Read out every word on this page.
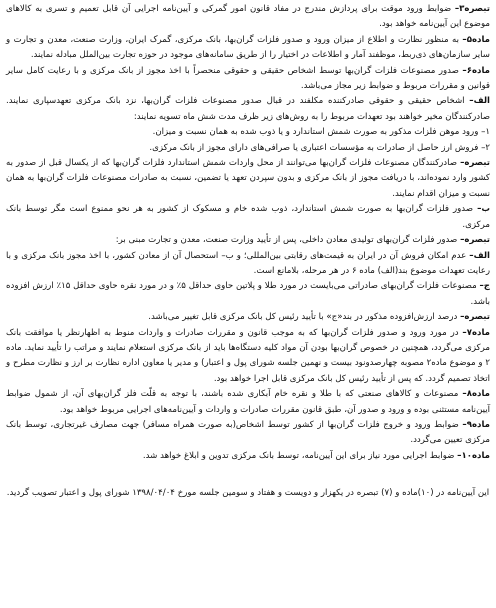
تبصره۳– ضوابط ورود موقت برای پردازش مندرج در مفاد قانون امور گمرکی و آیین‌نامه اجرایی آن قابل تعمیم و تسری به کالاهای موضوع این آیین‌نامه خواهد بود.

ماده۵– به منظور نظارت و اطلاع از میزان ورود و صدور فلزات گران‌بها، بانک مرکزی، گمرک ایران، وزارت صنعت، معدن و تجارت و سایر سازمان‌های ذی‌ربط، موظفند آمار و اطلاعات در اختیار را از طریق سامانه‌های موجود در حوزه تجارت بین‌الملل مبادله نمایند.

ماده۶– صدور مصنوعات فلزات گران‌بها توسط اشخاص حقیقی و حقوقی منحصراً با اخذ مجوز از بانک مرکزی و با رعایت کامل سایر قوانین و مقررات مربوط و ضوابط زیر مجاز می‌باشد.

الف– اشخاص حقیقی و حقوقی صادرکننده مکلفند در قبال صدور مصنوعات فلزات گران‌بها، نزد بانک مرکزی تعهدسپاری نمایند. صادرکنندگان مخیر خواهند بود تعهدات مربوط را به روش‌های زیر ظرف مدت شش ماه تسویه نمایند:

۱– ورود موهن فلزات مذکور به صورت شمش استاندارد و یا ذوب شده به همان نسبت و میزان.

۲– فروش ارز حاصل از صادرات به مؤسسات اعتباری یا صرافی‌های دارای مجوز از بانک مرکزی.

تبصره– صادرکنندگان مصنوعات فلزات گران‌بها می‌توانند از محل واردات شمش استاندارد فلزات گران‌بها که از یکسال قبل از صدور به کشور وارد نموده‌اند، با دریافت مجوز از بانک مرکزی و بدون سپردن تعهد یا تضمین، نسبت به صادرات مصنوعات فلزات گران‌بها به همان نسبت و میزان اقدام نمایند.

ب– صدور فلزات گران‌بها به صورت شمش استاندارد، ذوب شده خام و مسکوک از کشور به هر نحو ممنوع است مگر توسط بانک مرکزی.

تبصره– صدور فلزات گران‌بهای تولیدی معادن داخلی، پس از تأیید وزارت صنعت، معدن و تجارت مبنی بر:

الف– عدم امکان فروش آن در ایران به قیمت‌های رقابتی بین‌المللی؛ و ب– استحصال آن از معادن کشور، با اخذ مجوز بانک مرکزی و با رعایت تعهدات موضوع بند(الف) ماده ۶ در هر مرحله، بلامانع است.

ج– مصنوعات فلزات گران‌بهای صادراتی می‌بایست در مورد طلا و پلاتین حاوی حداقل ۵٪ و در مورد نقره حاوی حداقل ۱۵٪ ارزش افزوده باشد.

تبصره– درصد ارزش‌افزوده مذکور در بند«ج» با تأیید رئیس کل بانک مرکزی قابل تغییر می‌باشد.

ماده۷– در مورد ورود و صدور فلزات گران‌بها که به موجب قانون و مقررات صادرات و واردات منوط به اظهارنظر یا موافقت بانک مرکزی می‌گردد، همچنین در خصوص گران‌بها بودن آن مواد کلیه دستگاه‌ها باید از بانک مرکزی استعلام نمایند و مراتب را تأیید نماید. ماده ۲ و موضوع ماده۲ مصوبه چهارصدونود بیست و نهمین جلسه شورای پول و اعتبار) و مدیر یا معاون اداره نظارت بر ارز و نظارت مطرح و اتخاذ تصمیم گردد. که پس از تأیید رئیس کل بانک مرکزی قابل اجرا خواهد بود.

ماده۸– مصنوعات و کالاهای صنعتی که با طلا و نقره خام آبکاری شده باشند، با توجه به قلّت فلز گران‌بهای آن، از شمول ضوابط آیین‌نامه مستثنی بوده و ورود و صدور آن، طبق قانون مقررات صادرات و واردات و آیین‌نامه‌های اجرایی مربوط خواهد بود.

ماده۹– ضوابط ورود و خروج فلزات گران‌بها از کشور توسط اشخاص(به صورت همراه مسافر) جهت مصارف غیرتجاری، توسط بانک مرکزی تعیین می‌گردد.

ماده۱۰– ضوابط اجرایی مورد نیاز برای این آیین‌نامه، توسط بانک مرکزی تدوین و ابلاغ خواهد شد.

این آیین‌نامه در (۱۰)ماده و (۷) تبصره در یکهزار و دویست و هفتاد و سومین جلسه مورخ ۱۳۹۸/۰۴/۰۴ شورای پول و اعتبار تصویب گردید.
